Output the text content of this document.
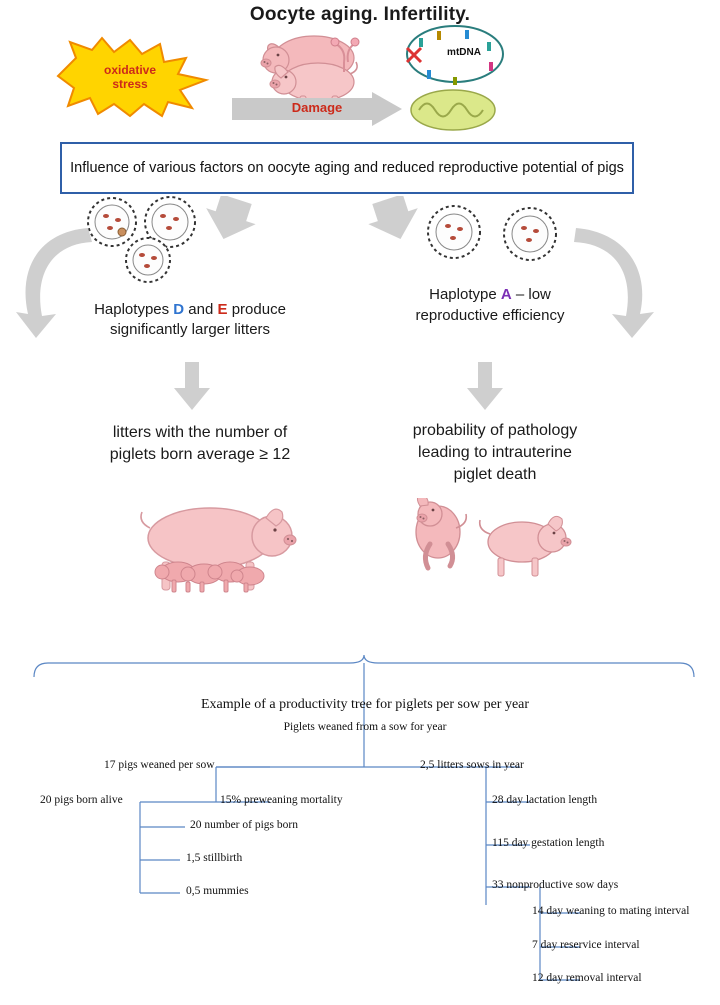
Oocyte aging. Infertility.
oxidative
stress
Damage
mtDNA
Influence of various factors on oocyte aging and reduced reproductive potential of pigs
Haplotypes D and E produce
significantly larger litters
Haplotype A – low
reproductive efficiency
litters with the number of
piglets born average ≥ 12
probability of pathology
leading to intrauterine
piglet death
Example of a productivity tree for piglets per sow per year
Piglets weaned from a sow for year
17 pigs weaned per sow	2,5 litters sows in year
20 pigs born alive	15% preweaning mortality
20 number of pigs born
1,5 stillbirth
0,5 mummies
28 day lactation length
115 day gestation length
33 nonproductive sow days
14 day weaning to mating interval
7 day reservice interval
12 day removal interval
